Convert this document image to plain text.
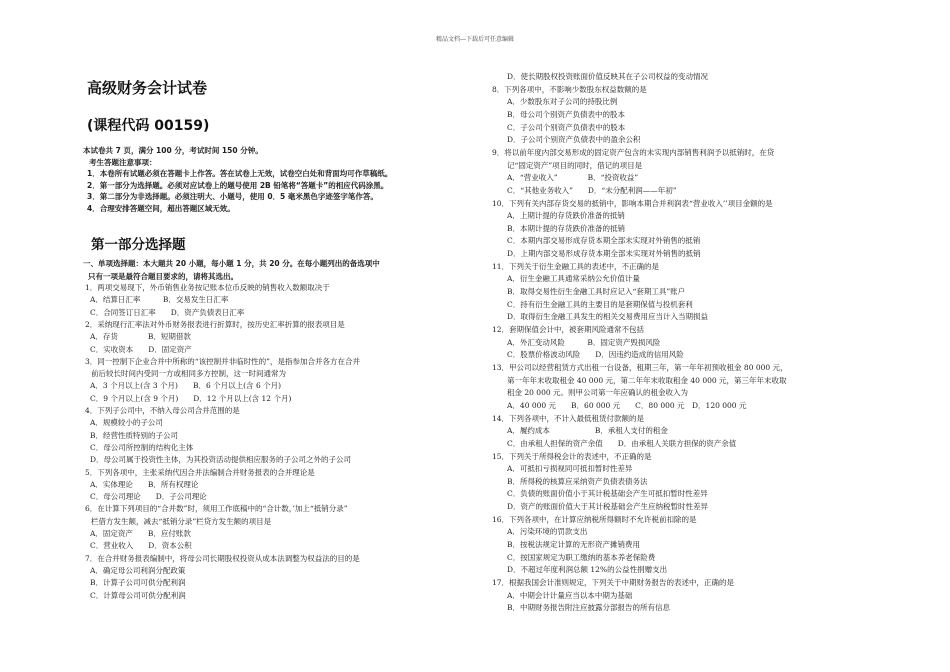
精品文档---下载后可任意编辑
高级财务会计试卷
(课程代码 00159)
本试卷共 7 页，满分 100 分，考试时间 150 分钟。
考生答题注意事项：
1．本卷所有试题必须在答题卡上作答。答在试卷上无效，试卷空白处和背面均可作草稿纸。
2．第一部分为选择题。必须对应试卷上的题号使用 2B 铅笔将“答题卡”的相应代码涂黑。
3．第二部分为非选择题。必须注明大、小题号，使用 0．5 毫米黑色字迹签字笔作答。
4．合理安排答题空间，超出答题区域无效。
第一部分选择题
一、单项选择题：本大题共 20 小题，每小题 1 分，共 20 分。在每小题列出的备选项中
只有一项是最符合题目要求的，请将其选出。
1．两项交易现下，外币销售业务按记账本位币反映的销售收入数额取决于
A．结算日汇率　　　B．交易发生日汇率
C．合同签订日汇率　　D．资产负债表日汇率
2．采纳现行汇率法对外币财务报表进行折算时，按历史汇率折算的报表项目是
A．存货　　　　B．短期借款
C．实收资本　　D．固定资产
3．同一控制下企业合并中所称的“该控制并非临时性的”，是指参加合并各方在合并
前后较长时间内受同一方或相同多方控制，这一时间通常为
A．3 个月以上(含 3 个月)　　B．6 个月以上(含 6 个月)
C．9 个月以上(含 9 个月)　　D．12 个月以上(含 12 个月)
4．下列子公司中，不纳入母公司合并范围的是
A．规模较小的子公司
B．经营性质特别的子公司
C．母公司所控制的结构化主体
D．母公司属于投资性主体，为其投资活动提供相应服务的子公司之外的子公司
5．下列各项中，主张采纳代因合并法编制合并财务报表的合并理论是
A．实体理论　　B．所有权理论
C．母公司理论　　D．子公司理论
6．在计算下列项目的“合并数”时，须用工作底稿中的“合计数，’加上“抵销分录”
栏借方发生额，减去“抵销分录”栏贷方发生额的项目是
A．固定资产　　B．应付账款
C．营业收入　　D．资本公积
7．在合并财务报表编制中，将母公司长期股权投资从成本法调整为权益法的目的是
A．确定母公司利润分配政策
B．计算子公司可供分配利润
C．计算母公司可供分配利润
D．使长期股权投资账面价值反映其在子公司权益的变动情况
8．下列各项中，不影响少数股东权益数额的是
A．少数股东对子公司的持股比例
B．母公司个别资产负债表中的股本
C．子公司个别资产负债表中的股本
D．子公司个别资产负债表中的盈余公积
9．将以前年度内部交易形成的固定资产包含的未实现内部销售利润予以抵销时，在贷
记“固定资产”项目的同时，借记的项目是
A．“营业收入”　　　　B．“投资收益”
C．“其他业务收入”　　D．“未分配利润——年初”
10．下列有关内部存货交易的抵销中，影响本期合并利润表“营业收入’’项目金额的是
A．上期计提的存货跌价准备的抵销
B．本期计提的存货跌价准备的抵销
C．本期内部交易形成存货本期全部未实现对外销售的抵销
D．上期内部交易形成存货本期全部未实现对外销售的抵销
11．下列关于衍生金融工具的表述中，不正确的是
A．衍生金融工具通常采纳公允价值计量
B．取得交易性衍生金融工具时应记入“套期工具”账户
C．持有衍生金融工具的主要目的是套期保值与投机套利
D．取得衍生金融工具发生的相关交易费用应当计入当期损益
12．套期保值会计中，被套期风险通常不包括
A．外汇变动风险　　　B．固定资产毁损风险
C．股票价格波动风险　　D．因违约造成的信用风险
13．甲公司以经营租赁方式出租一台设备，租期三年，第一年年初预收租金 80 000 元，
第一年年末收取租金 40 000 元，第二年年末收取租金 40 000 元，第三年年末收取
租金 20 000 元。则甲公司第一年应确认的租金收入为
A．40 000 元　　B．60 000 元　　C．80 000 元　D．120 000 元
14．下列各项中，不计入最低租赁付款额的是
A．履约成本　　　　　　B．承租人支付的租金
C．由承租人担保的资产余值　　D．由承租人关联方担保的资产余值
15．下列关于所得税会计的表述中，不正确的是
A．可抵扣亏损视同可抵扣暂时性差异
B．所得税的核算应采纳资产负债表债务法
C．负债的账面价值小于其计税基础会产生可抵扣暂时性差异
D．资产的账面价值大于其计税基础会产生应纳税暂时性差异
16．下列各项中，在计算应纳税所得额时不允许税前扣除的是
A．污染环境的罚款支出
B．按税法规定计算的无形资产摊销费用
C．按国家规定为职工缴纳的基本养老保险费
D．不超过年度利润总额 12%的公益性捐赠支出
17．根据我国会计准则规定，下列关于中期财务报告的表述中，正确的是
A．中期会计计量应当以本中期为基础
B．中期财务报告附注应披露分部报告的所有信息
